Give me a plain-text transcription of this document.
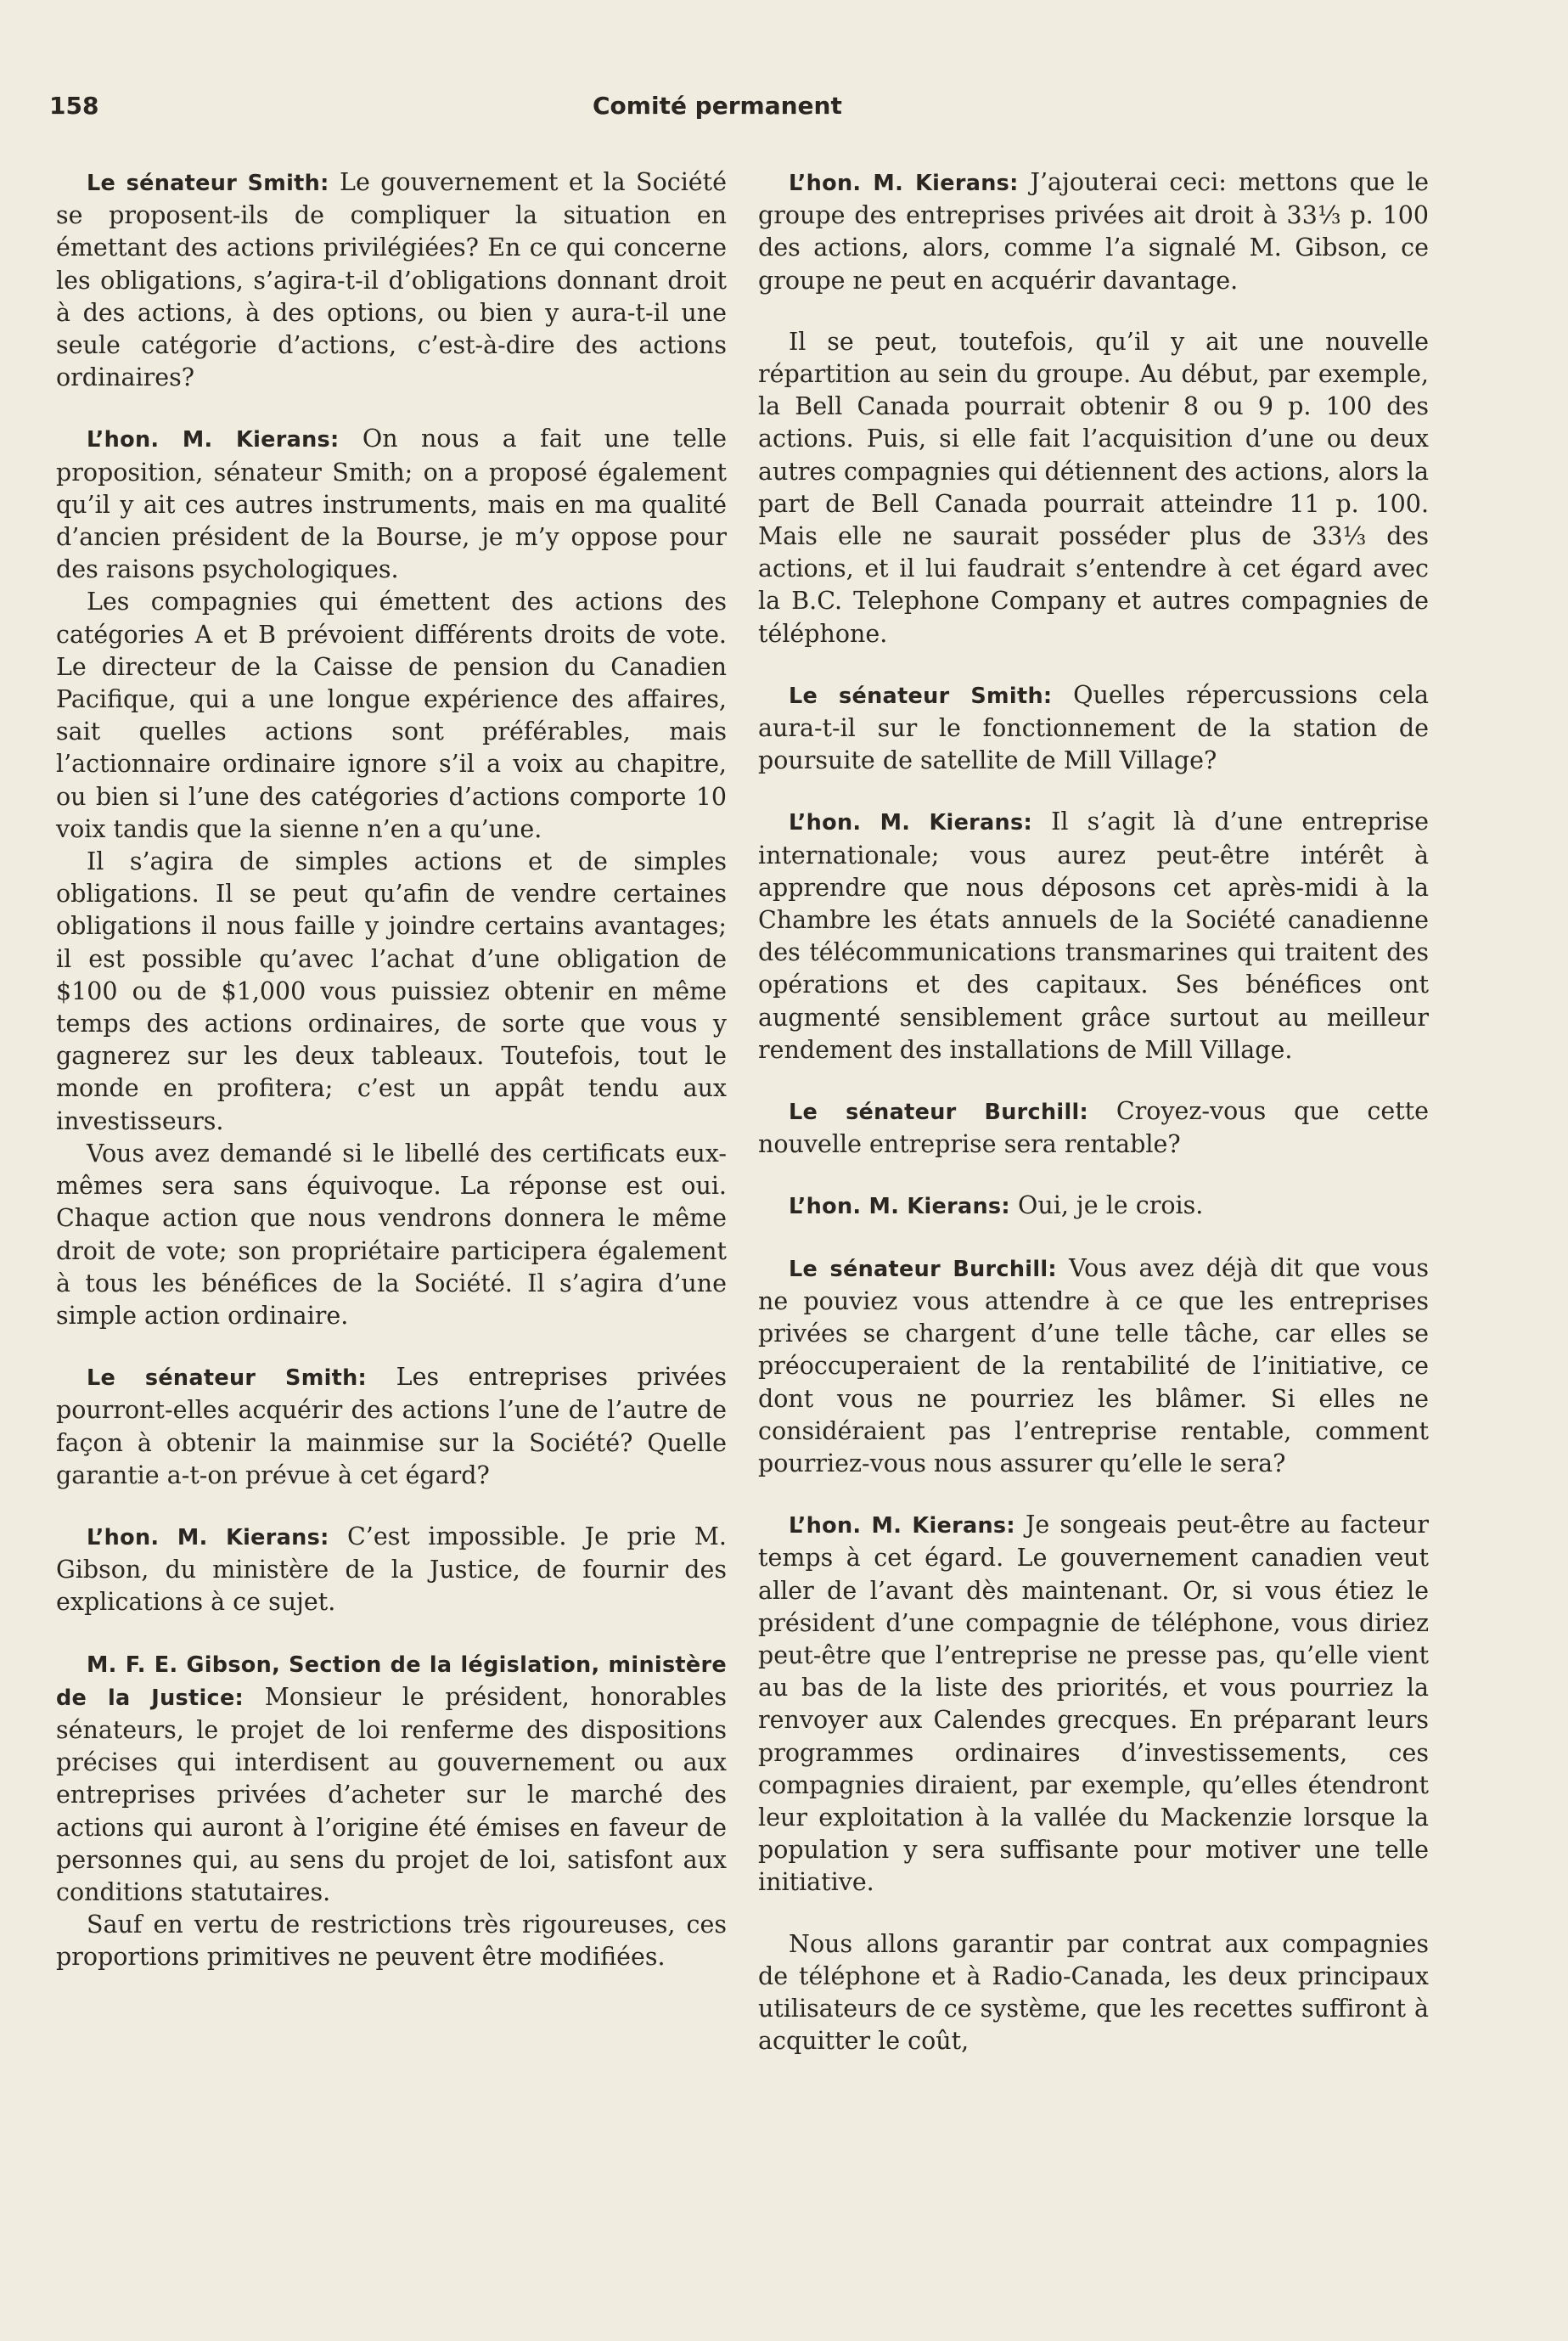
158	Comité permanent

Le sénateur Smith: Le gouvernement et la Société se proposent-ils de compliquer la situation en émettant des actions privilégiées? En ce qui concerne les obligations, s’agira-t-il d’obligations donnant droit à des actions, à des options, ou bien y aura-t-il une seule catégorie d’actions, c’est-à-dire des actions ordinaires?

L’hon. M. Kierans: On nous a fait une telle proposition, sénateur Smith; on a proposé également qu’il y ait ces autres instruments, mais en ma qualité d’ancien président de la Bourse, je m’y oppose pour des raisons psychologiques.

Les compagnies qui émettent des actions des catégories A et B prévoient différents droits de vote. Le directeur de la Caisse de pension du Canadien Pacifique, qui a une longue expérience des affaires, sait quelles actions sont préférables, mais l’actionnaire ordinaire ignore s’il a voix au chapitre, ou bien si l’une des catégories d’actions comporte 10 voix tandis que la sienne n’en a qu’une.

Il s’agira de simples actions et de simples obligations. Il se peut qu’afin de vendre certaines obligations il nous faille y joindre certains avantages; il est possible qu’avec l’achat d’une obligation de $100 ou de $1,000 vous puissiez obtenir en même temps des actions ordinaires, de sorte que vous y gagnerez sur les deux tableaux. Toutefois, tout le monde en profitera; c’est un appât tendu aux investisseurs.

Vous avez demandé si le libellé des certificats eux-mêmes sera sans équivoque. La réponse est oui. Chaque action que nous vendrons donnera le même droit de vote; son propriétaire participera également à tous les bénéfices de la Société. Il s’agira d’une simple action ordinaire.

Le sénateur Smith: Les entreprises privées pourront-elles acquérir des actions l’une de l’autre de façon à obtenir la mainmise sur la Société? Quelle garantie a-t-on prévue à cet égard?

L’hon. M. Kierans: C’est impossible. Je prie M. Gibson, du ministère de la Justice, de fournir des explications à ce sujet.

M. F. E. Gibson, Section de la législation, ministère de la Justice: Monsieur le président, honorables sénateurs, le projet de loi renferme des dispositions précises qui interdisent au gouvernement ou aux entreprises privées d’acheter sur le marché des actions qui auront à l’origine été émises en faveur de personnes qui, au sens du projet de loi, satisfont aux conditions statutaires.

Sauf en vertu de restrictions très rigoureuses, ces proportions primitives ne peuvent être modifiées.

L’hon. M. Kierans: J’ajouterai ceci: mettons que le groupe des entreprises privées ait droit à 33⅓ p. 100 des actions, alors, comme l’a signalé M. Gibson, ce groupe ne peut en acquérir davantage.

Il se peut, toutefois, qu’il y ait une nouvelle répartition au sein du groupe. Au début, par exemple, la Bell Canada pourrait obtenir 8 ou 9 p. 100 des actions. Puis, si elle fait l’acquisition d’une ou deux autres compagnies qui détiennent des actions, alors la part de Bell Canada pourrait atteindre 11 p. 100. Mais elle ne saurait posséder plus de 33⅓ des actions, et il lui faudrait s’entendre à cet égard avec la B.C. Telephone Company et autres compagnies de téléphone.

Le sénateur Smith: Quelles répercussions cela aura-t-il sur le fonctionnement de la station de poursuite de satellite de Mill Village?

L’hon. M. Kierans: Il s’agit là d’une entreprise internationale; vous aurez peut-être intérêt à apprendre que nous déposons cet après-midi à la Chambre les états annuels de la Société canadienne des télécommunications transmarines qui traitent des opérations et des capitaux. Ses bénéfices ont augmenté sensiblement grâce surtout au meilleur rendement des installations de Mill Village.

Le sénateur Burchill: Croyez-vous que cette nouvelle entreprise sera rentable?

L’hon. M. Kierans: Oui, je le crois.

Le sénateur Burchill: Vous avez déjà dit que vous ne pouviez vous attendre à ce que les entreprises privées se chargent d’une telle tâche, car elles se préoccuperaient de la rentabilité de l’initiative, ce dont vous ne pourriez les blâmer. Si elles ne considéraient pas l’entreprise rentable, comment pourriez-vous nous assurer qu’elle le sera?

L’hon. M. Kierans: Je songeais peut-être au facteur temps à cet égard. Le gouvernement canadien veut aller de l’avant dès maintenant. Or, si vous étiez le président d’une compagnie de téléphone, vous diriez peut-être que l’entreprise ne presse pas, qu’elle vient au bas de la liste des priorités, et vous pourriez la renvoyer aux Calendes grecques. En préparant leurs programmes ordinaires d’investissements, ces compagnies diraient, par exemple, qu’elles étendront leur exploitation à la vallée du Mackenzie lorsque la population y sera suffisante pour motiver une telle initiative.

Nous allons garantir par contrat aux compagnies de téléphone et à Radio-Canada, les deux principaux utilisateurs de ce système, que les recettes suffiront à acquitter le coût,
